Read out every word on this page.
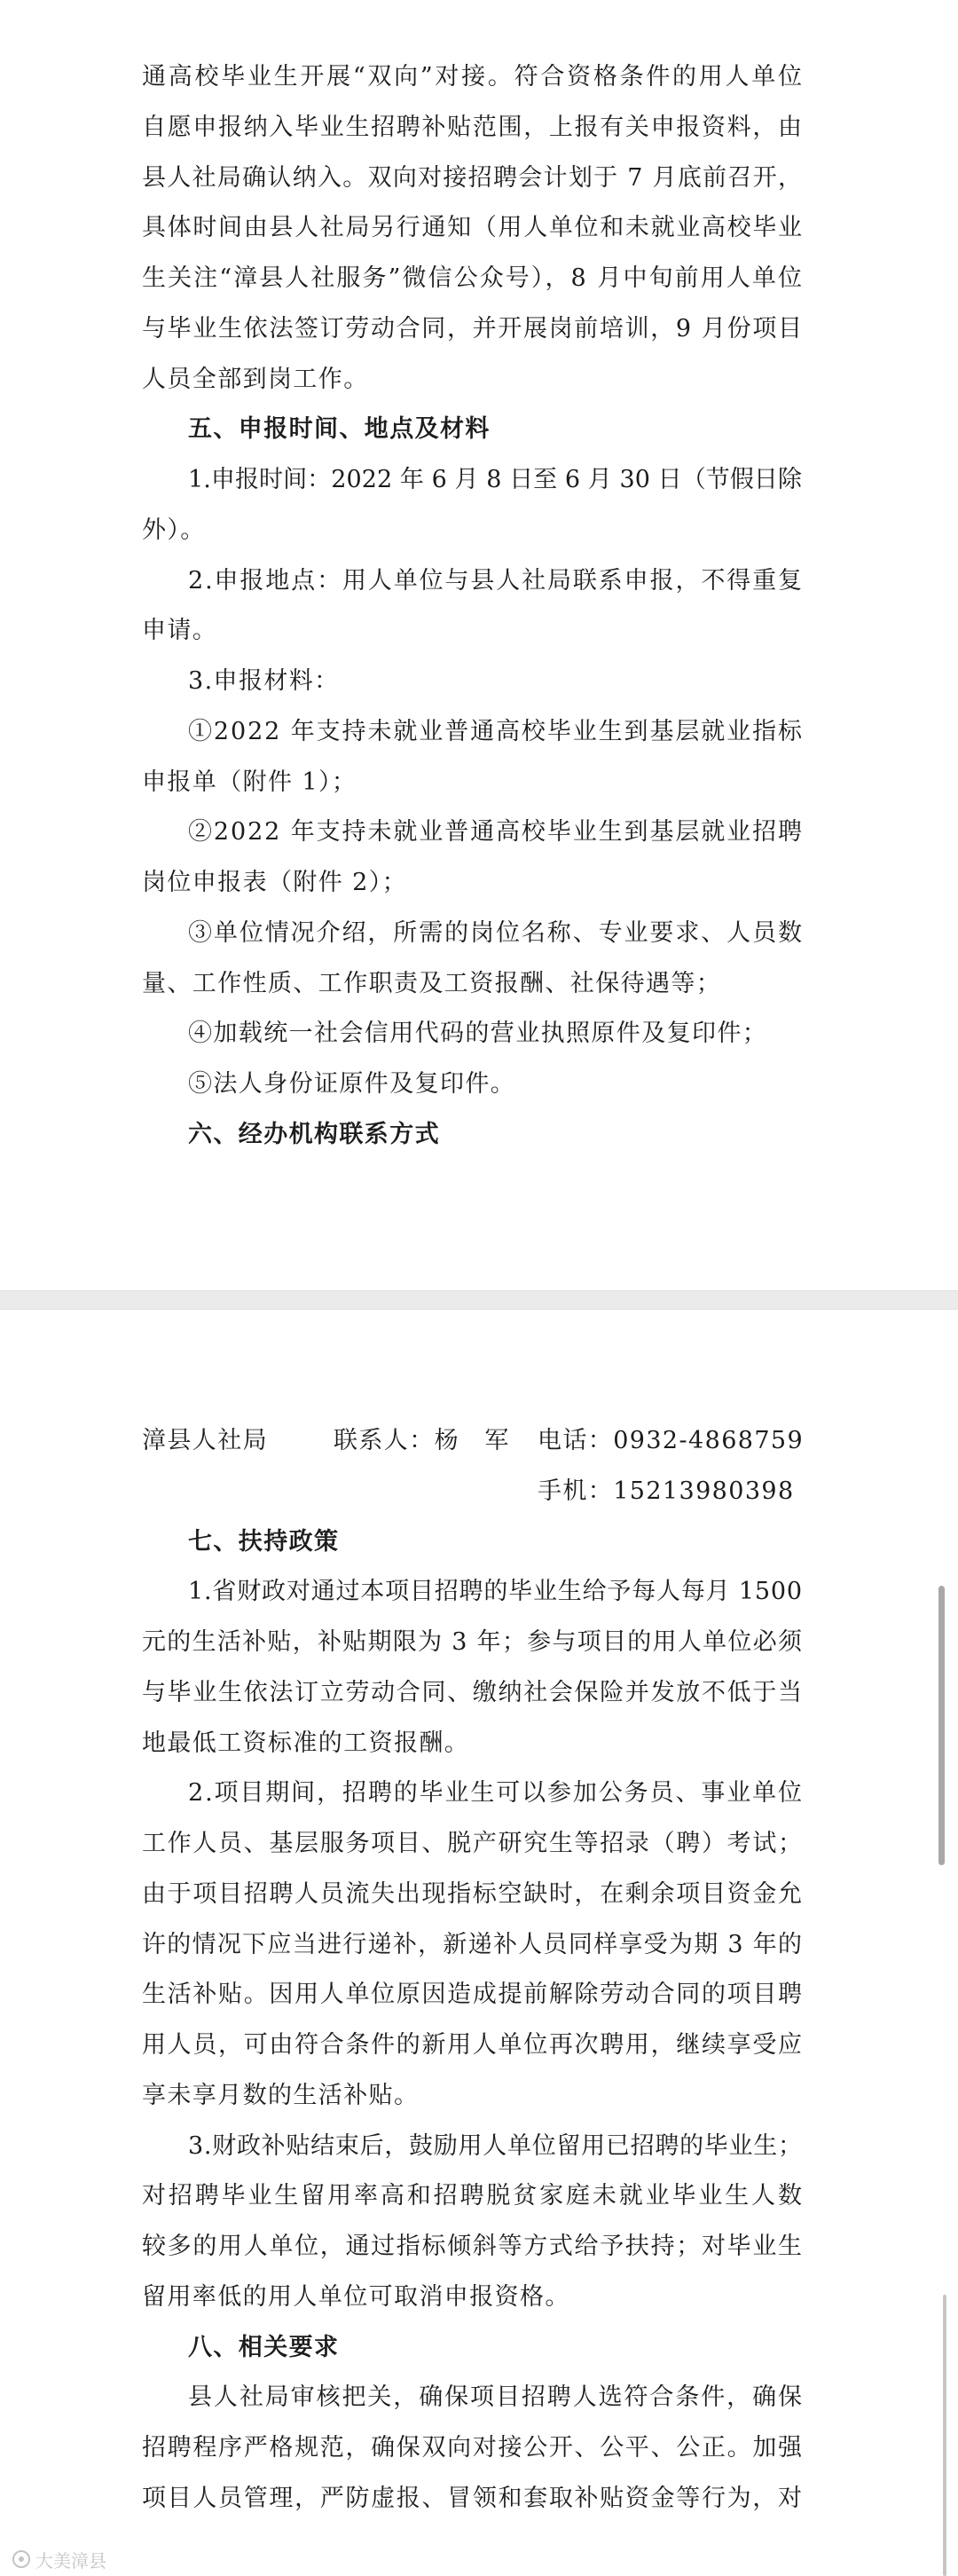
通高校毕业生开展“双向”对接。符合资格条件的用人单位
自愿申报纳入毕业生招聘补贴范围，上报有关申报资料，由
县人社局确认纳入。双向对接招聘会计划于 7 月底前召开，
具体时间由县人社局另行通知（用人单位和未就业高校毕业
生关注“漳县人社服务”微信公众号），8 月中旬前用人单位
与毕业生依法签订劳动合同，并开展岗前培训，9 月份项目
人员全部到岗工作。
五、申报时间、地点及材料
1.申报时间：2022 年 6 月 8 日至 6 月 30 日（节假日除
外）。
2.申报地点：用人单位与县人社局联系申报，不得重复
申请。
3.申报材料：
①2022 年支持未就业普通高校毕业生到基层就业指标
申报单（附件 1）；
②2022 年支持未就业普通高校毕业生到基层就业招聘
岗位申报表（附件 2）；
③单位情况介绍，所需的岗位名称、专业要求、人员数
量、工作性质、工作职责及工资报酬、社保待遇等；
④加载统一社会信用代码的营业执照原件及复印件；
⑤法人身份证原件及复印件。
六、经办机构联系方式
漳县人社局	联系人：杨　军 电话：0932-4868759
手机：15213980398
七、扶持政策
1.省财政对通过本项目招聘的毕业生给予每人每月 1500
元的生活补贴，补贴期限为 3 年；参与项目的用人单位必须
与毕业生依法订立劳动合同、缴纳社会保险并发放不低于当
地最低工资标准的工资报酬。
2.项目期间，招聘的毕业生可以参加公务员、事业单位
工作人员、基层服务项目、脱产研究生等招录（聘）考试；
由于项目招聘人员流失出现指标空缺时，在剩余项目资金允
许的情况下应当进行递补，新递补人员同样享受为期 3 年的
生活补贴。因用人单位原因造成提前解除劳动合同的项目聘
用人员，可由符合条件的新用人单位再次聘用，继续享受应
享未享月数的生活补贴。
3.财政补贴结束后，鼓励用人单位留用已招聘的毕业生；
对招聘毕业生留用率高和招聘脱贫家庭未就业毕业生人数
较多的用人单位，通过指标倾斜等方式给予扶持；对毕业生
留用率低的用人单位可取消申报资格。
八、相关要求
县人社局审核把关，确保项目招聘人选符合条件，确保
招聘程序严格规范，确保双向对接公开、公平、公正。加强
项目人员管理，严防虚报、冒领和套取补贴资金等行为，对
大美漳县
